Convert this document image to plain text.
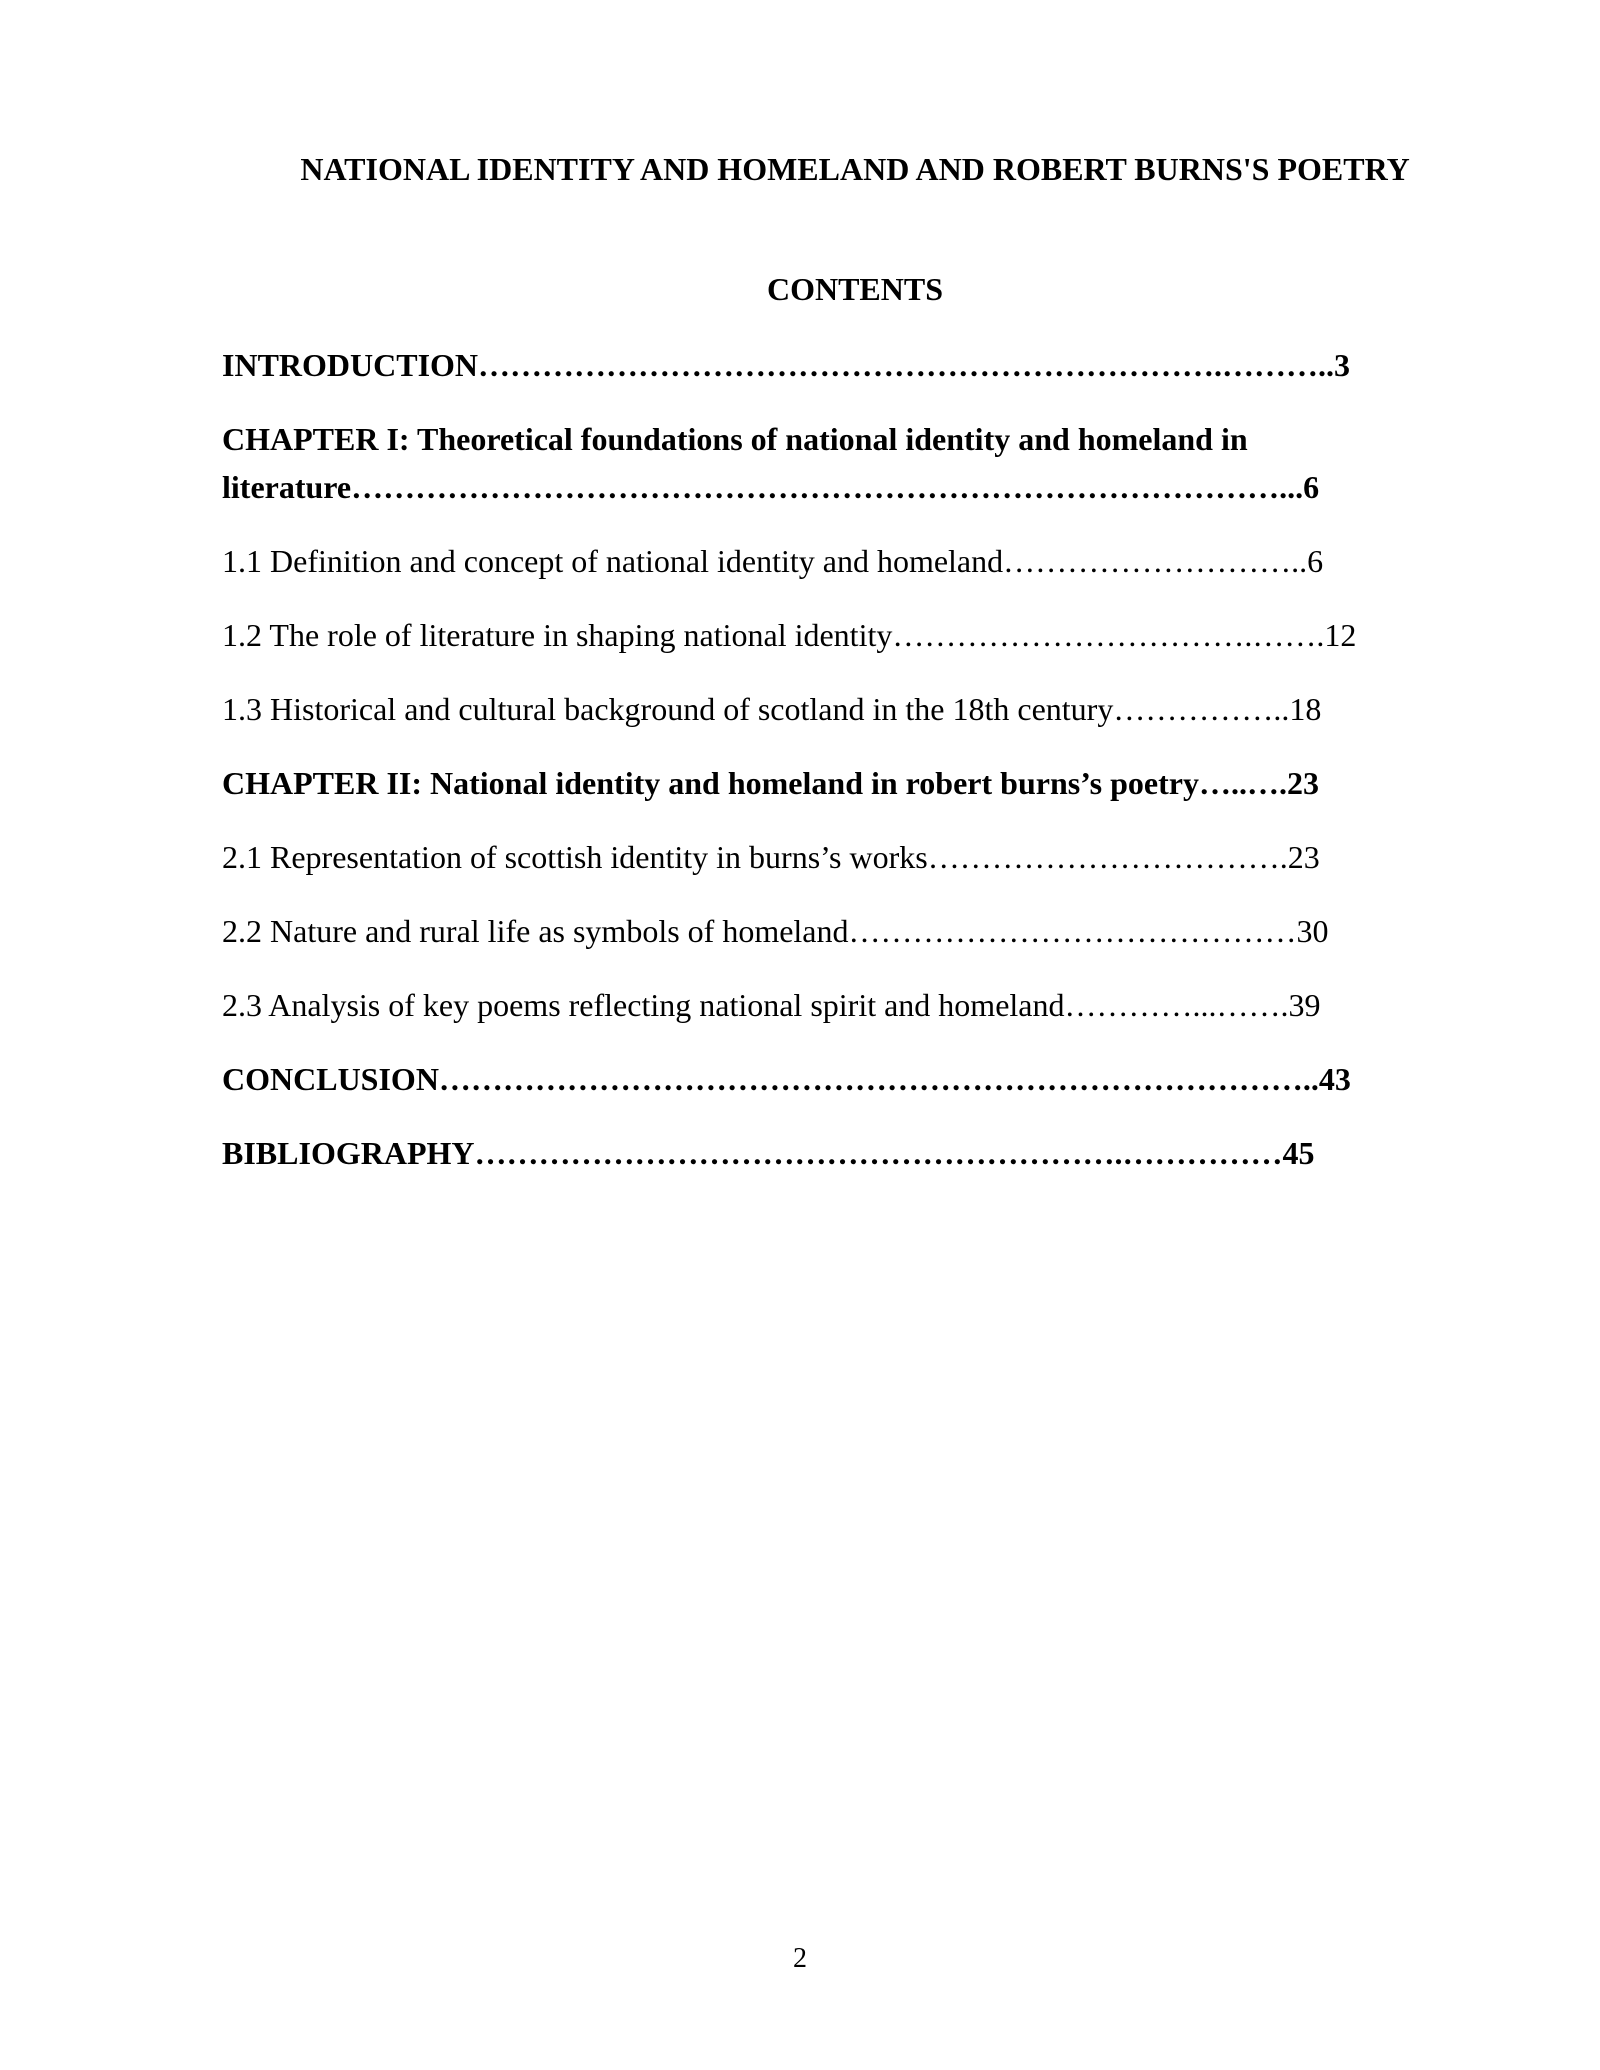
NATIONAL IDENTITY AND HOMELAND AND ROBERT BURNS'S POETRY
CONTENTS
INTRODUCTION…………………………………………………………….………..3
CHAPTER I: Theoretical foundations of national identity and homeland in literature……………………………………………………………………………...6
1.1 Definition and concept of national identity and homeland………………………..6
1.2 The role of literature in shaping national identity…………………………….…….12
1.3 Historical and cultural background of scotland in the 18th century……………..18
CHAPTER II: National identity and homeland in robert burns’s poetry…..….23
2.1 Representation of scottish identity in burns’s works…………………………….23
2.2 Nature and rural life as symbols of homeland……………………………………30
2.3 Analysis of key poems reflecting national spirit and homeland…………...…….39
CONCLUSION………………………………………………………………………..43
BIBLIOGRAPHY…………………………………………………….……………45

2
